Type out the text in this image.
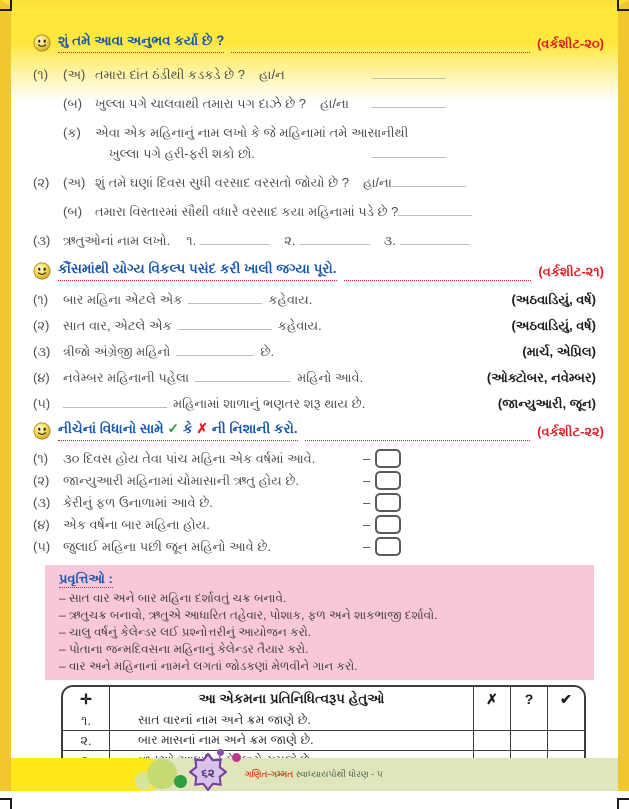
શું તમે આવા અનુભવ કર્યા છે ?	(વર્કશીટ-૨૦)
(૧)	(અ) તમારા દાંત ઠંડીથી કડકડે છે ? હા/ન
(બ) ખુલ્લા પગે ચાલવાથી તમારા પગ દાઝે છે ? હા/ના
(ક)	એવા એક મહિનાનું નામ લખો કે જે મહિનામાં તમે આસાનીથી
ખુલ્લા પગે હરી-ફરી શકો છો.
(૨)	(અ) શું તમે ઘણાં દિવસ સુધી વરસાદ વરસતો જોયો છે ? હા/ના
(બ) તમારા વિસ્તારમાં સૌથી વધારે વરસાદ કયા મહિનામાં પડે છે ?
(૩) ઋતુઓનાં નામ લખો. ૧.	૨.	૩.
કૌંસમાંથી યોગ્ય વિકલ્પ પસંદ કરી ખાલી જગ્યા પૂરો.	(વર્કશીટ-૨૧)
(૧)	બાર મહિના એટલે એક	કહેવાય.	(અઠવાડિયું, વર્ષ)
(૨)	સાત વાર, એટલે એક	કહેવાય.	(અઠવાડિયું, વર્ષ)
(૩) ત્રીજો અંગ્રેજી મહિનો	છે.	(માર્ચ, એપ્રિલ)
(૪)	નવેમ્બર મહિનાની પહેલા	મહિનો આવે.	(ઓક્ટોબર, નવેમ્બર)
(૫)	મહિનામાં શાળાનું ભણતર શરૂ થાય છે.	(જાન્યુઆરી, જૂન)
નીચેનાં વિધાનો સામે ✓ કે ✗ ની નિશાની કરો.	(વર્કશીટ-૨૨)
(૧)	૩૦ દિવસ હોય તેવા પાંચ મહિના એક વર્ષમાં આવે.	–
(૨)	જાન્યુઆરી મહિનામાં ચોમાસાની ઋતુ હોય છે.	–
(૩) કેરીનું ફળ ઉનાળામાં આવે છે.	–
(૪)	એક વર્ષના બાર મહિના હોય.	–
(૫) જુલાઈ મહિના પછી જૂન મહિનો આવે છે.	–
પ્રવૃત્તિઓ :
– સાત વાર અને બાર મહિના દર્શાવતું ચક્ર બનાવે.
– ઋતુચક્ર બનાવો, ઋતુએ આધારિત તહેવાર, પોશાક, ફળ અને શાકભાજી દર્શાવો.
– ચાલુ વર્ષનું કેલેન્ડર લઈ પ્રશ્નોત્તરીનું આયોજન કરો.
– પોતાના જન્મદિવસના મહિનાનું કેલેન્ડર તૈયાર કરો.
– વાર અને મહિનાનાં નામને લગતાં જોડકણાં મેળવીને ગાન કરો.
✛	આ એકમના પ્રતિનિધિત્વરૂપ હેતુઓ	✗	?	✔
૧.	સાત વારનાં નામ અને ક્રમ જાણે છે.
૨.	બાર માસનાં નામ અને ક્રમ જાણે છે.
૬૨	ગણિત-ગમ્મત સ્વાધ્યાયપોથી ધોરણ - ૫
